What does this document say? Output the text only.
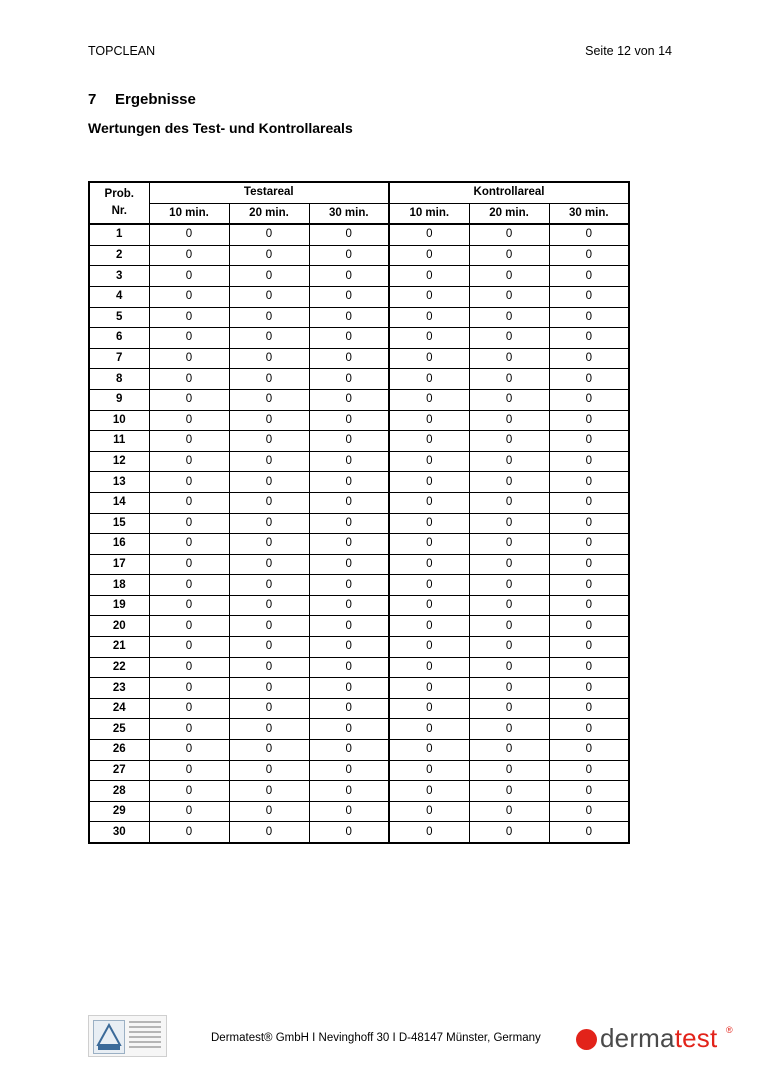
TOPCLEAN	Seite 12 von 14
7 Ergebnisse
Wertungen des Test- und Kontrollareals
Prob.
Nr.	Testareal			Kontrollareal		
	10 min.	20 min.	30 min.	10 min.	20 min.	30 min.
1	0	0	0	0	0	0
2	0	0	0	0	0	0
3	0	0	0	0	0	0
4	0	0	0	0	0	0
5	0	0	0	0	0	0
6	0	0	0	0	0	0
7	0	0	0	0	0	0
8	0	0	0	0	0	0
9	0	0	0	0	0	0
10	0	0	0	0	0	0
11	0	0	0	0	0	0
12	0	0	0	0	0	0
13	0	0	0	0	0	0
14	0	0	0	0	0	0
15	0	0	0	0	0	0
16	0	0	0	0	0	0
17	0	0	0	0	0	0
18	0	0	0	0	0	0
19	0	0	0	0	0	0
20	0	0	0	0	0	0
21	0	0	0	0	0	0
22	0	0	0	0	0	0
23	0	0	0	0	0	0
24	0	0	0	0	0	0
25	0	0	0	0	0	0
26	0	0	0	0	0	0
27	0	0	0	0	0	0
28	0	0	0	0	0	0
29	0	0	0	0	0	0
30	0	0	0	0	0	0
Dermatest® GmbH I Nevinghoff 30 I D-48147 Münster, Germany dermatest ®
